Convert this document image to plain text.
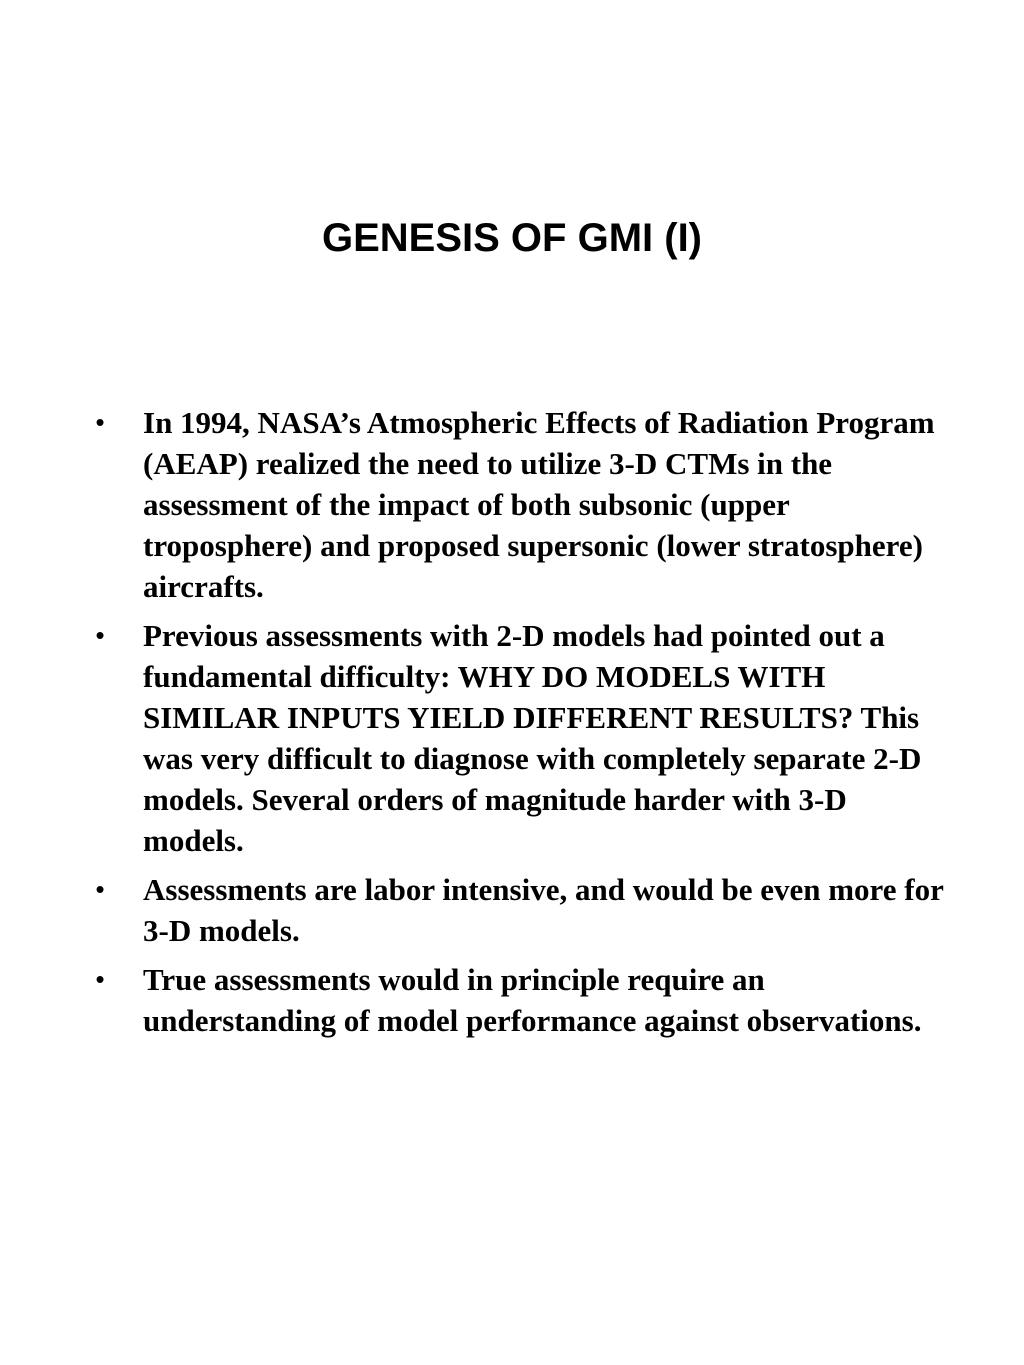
GENESIS OF GMI (I)
• In 1994, NASA’s Atmospheric Effects of Radiation Program (AEAP) realized the need to utilize 3-D CTMs in the assessment of the impact of both subsonic (upper troposphere) and proposed supersonic (lower stratosphere) aircrafts.
• Previous assessments with 2-D models had pointed out a fundamental difficulty: WHY DO MODELS WITH SIMILAR INPUTS YIELD DIFFERENT RESULTS? This was very difficult to diagnose with completely separate 2-D models. Several orders of magnitude harder with 3-D models.
• Assessments are labor intensive, and would be even more for 3-D models.
• True assessments would in principle require an understanding of model performance against observations.
